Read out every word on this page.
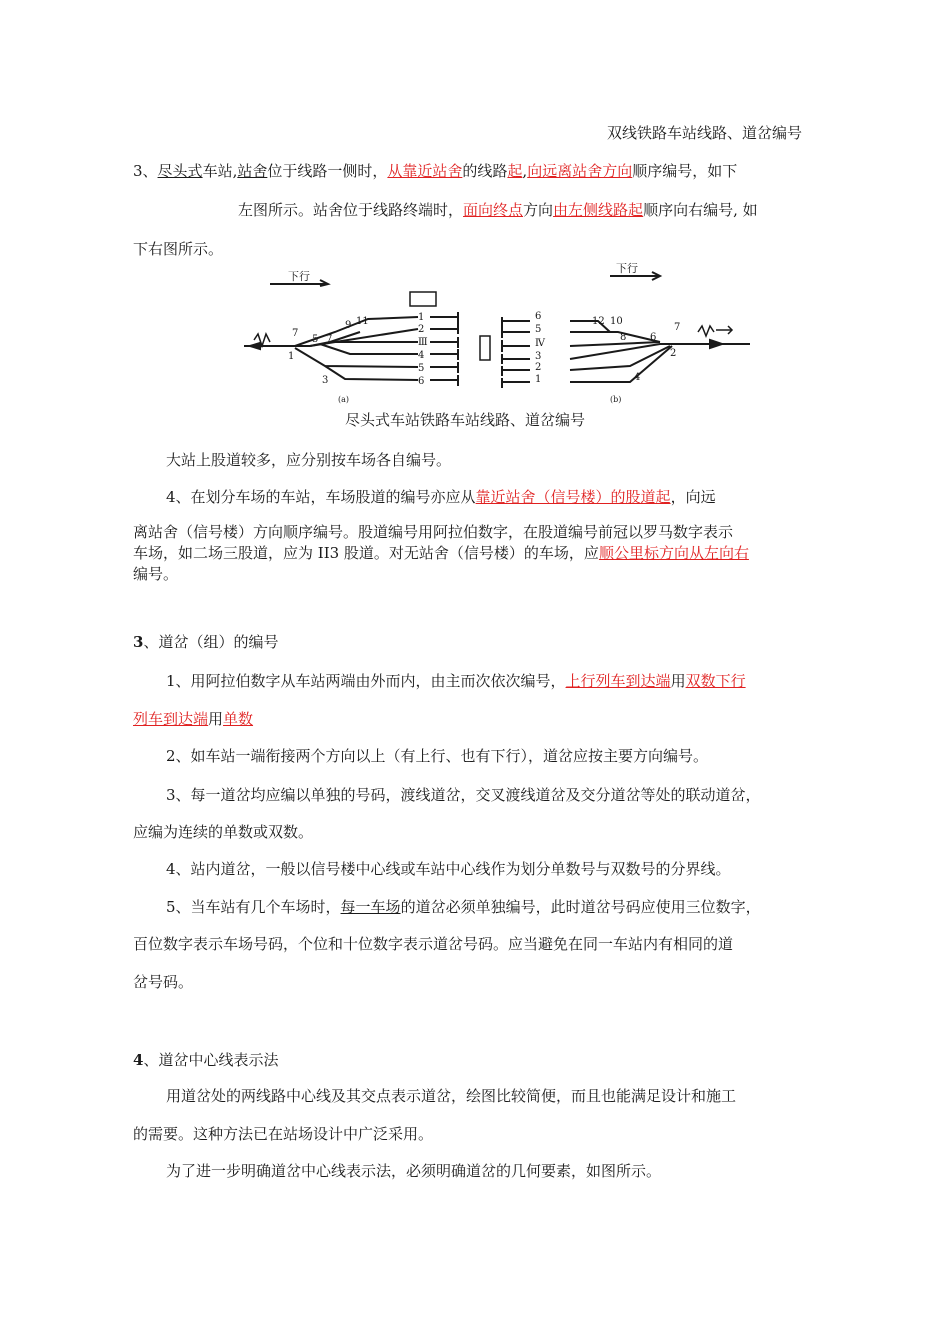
双线铁路车站线路、道岔编号
3、尽头式车站,站舍位于线路一侧时，从靠近站舍的线路起,向远离站舍方向顺序编号，如下
左图所示。站舍位于线路终端时，面向终点方向由左侧线路起顺序向右编号, 如
下右图所示。
下行
1
2
Ⅲ
4
5
6
1
3
5 7
7
9 11
(a)
下行
6
5
Ⅳ
3
2
1
12 10
8 6
7
2
4
(b)
尽头式车站铁路车站线路、道岔编号
大站上股道较多，应分别按车场各自编号。
4、在划分车场的车站，车场股道的编号亦应从靠近站舍（信号楼）的股道起，向远
离站舍（信号楼）方向顺序编号。股道编号用阿拉伯数字，在股道编号前冠以罗马数字表示
车场，如二场三股道，应为 II3 股道。对无站舍（信号楼）的车场，应顺公里标方向从左向右
编号。
3、道岔（组）的编号
1、用阿拉伯数字从车站两端由外而内，由主而次依次编号，上行列车到达端用双数下行
列车到达端用单数
2、如车站一端衔接两个方向以上（有上行、也有下行），道岔应按主要方向编号。
3、每一道岔均应编以单独的号码，渡线道岔，交叉渡线道岔及交分道岔等处的联动道岔，
应编为连续的单数或双数。
4、站内道岔，一般以信号楼中心线或车站中心线作为划分单数号与双数号的分界线。
5、当车站有几个车场时，每一车场的道岔必须单独编号，此时道岔号码应使用三位数字，
百位数字表示车场号码，个位和十位数字表示道岔号码。应当避免在同一车站内有相同的道
岔号码。
4、道岔中心线表示法
用道岔处的两线路中心线及其交点表示道岔，绘图比较简便，而且也能满足设计和施工
的需要。这种方法已在站场设计中广泛采用。
为了进一步明确道岔中心线表示法，必须明确道岔的几何要素，如图所示。
